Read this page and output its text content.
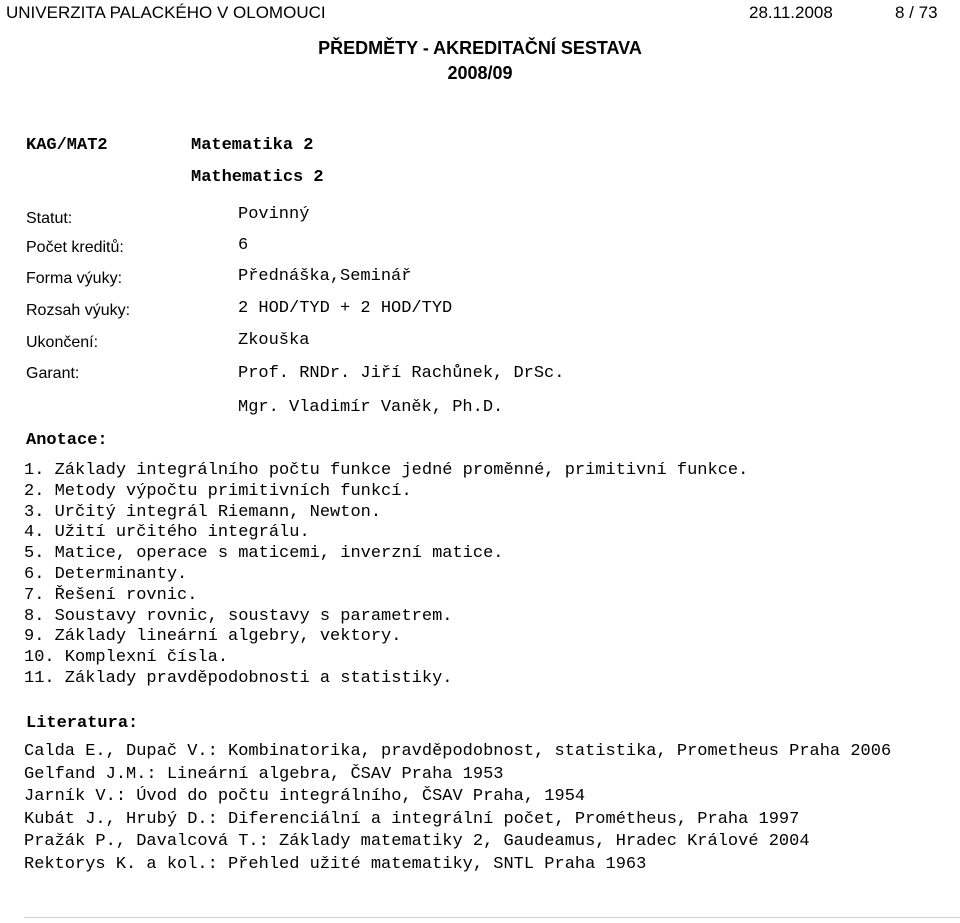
UNIVERZITA PALACKÉHO V OLOMOUCI	28.11.2008	8 / 73
PŘEDMĚTY - AKREDITAČNÍ SESTAVA
2008/09
KAG/MAT2	Matematika 2
Mathematics 2
Statut:	Povinný
Počet kreditů:	6
Forma výuky:	Přednáška,Seminář
Rozsah výuky:	2 HOD/TYD + 2 HOD/TYD
Ukončení:	Zkouška
Garant:	Prof. RNDr. Jiří Rachůnek, DrSc.
Mgr. Vladimír Vaněk, Ph.D.
Anotace:
1. Základy integrálního počtu funkce jedné proměnné, primitivní funkce.
2. Metody výpočtu primitivních funkcí.
3. Určitý integrál Riemann, Newton.
4. Užití určitého integrálu.
5. Matice, operace s maticemi, inverzní matice.
6. Determinanty.
7. Řešení rovnic.
8. Soustavy rovnic, soustavy s parametrem.
9. Základy lineární algebry, vektory.
10. Komplexní čísla.
11. Základy pravděpodobnosti a statistiky.
Literatura:
Calda E., Dupač V.: Kombinatorika, pravděpodobnost, statistika, Prometheus Praha 2006
Gelfand J.M.: Lineární algebra, ČSAV Praha 1953
Jarník V.: Úvod do počtu integrálního, ČSAV Praha, 1954
Kubát J., Hrubý D.: Diferenciální a integrální počet, Prométheus, Praha 1997
Pražák P., Davalcová T.: Základy matematiky 2, Gaudeamus, Hradec Králové 2004
Rektorys K. a kol.: Přehled užité matematiky, SNTL Praha 1963
